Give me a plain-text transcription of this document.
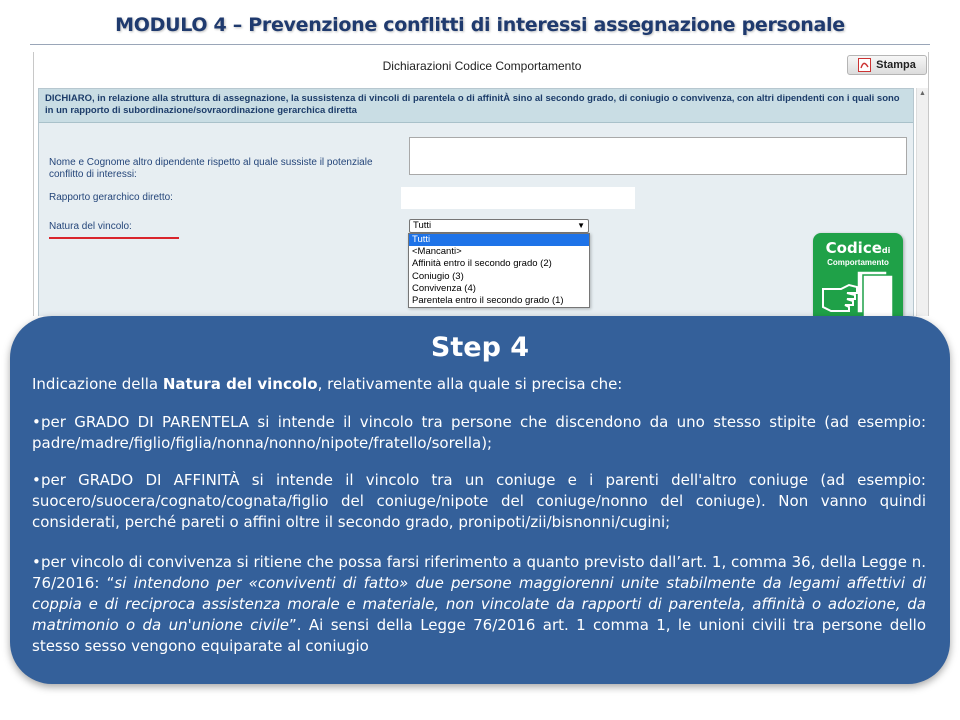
MODULO 4 – Prevenzione conflitti di interessi assegnazione personale
Dichiarazioni Codice Comportamento	Stampa
DICHIARO, in relazione alla struttura di assegnazione, la sussistenza di vincoli di parentela o di affinitÀ sino al secondo grado, di coniugio o convivenza, con altri dipendenti con i quali sono in un rapporto di subordinazione/sovraordinazione gerarchica diretta
Nome e Cognome altro dipendente rispetto al quale sussiste il potenziale conflitto di interessi:
Rapporto gerarchico diretto:
Natura del vincolo:	Tutti	▼
Tutti
<Mancanti>
Affinità entro il secondo grado (2)
Coniugio (3)
Convivenza (4)
Parentela entro il secondo grado (1)
Codicedi
Comportamento
▲
Step 4
Indicazione della Natura del vincolo, relativamente alla quale si precisa che:
•per GRADO DI PARENTELA si intende il vincolo tra persone che discendono da uno stesso stipite (ad esempio: padre/madre/figlio/figlia/nonna/nonno/nipote/fratello/sorella);
•per GRADO DI AFFINITÀ si intende il vincolo tra un coniuge e i parenti dell'altro coniuge (ad esempio: suocero/suocera/cognato/cognata/figlio del coniuge/nipote del coniuge/nonno del coniuge). Non vanno quindi considerati, perché pareti o affini oltre il secondo grado, pronipoti/zii/bisnonni/cugini;
•per vincolo di convivenza si ritiene che possa farsi riferimento a quanto previsto dall’art. 1, comma 36, della Legge n. 76/2016: “si intendono per «conviventi di fatto» due persone maggiorenni unite stabilmente da legami affettivi di coppia e di reciproca assistenza morale e materiale, non vincolate da rapporti di parentela, affinità o adozione, da matrimonio o da un'unione civile”. Ai sensi della Legge 76/2016 art. 1 comma 1, le unioni civili tra persone dello stesso sesso vengono equiparate al coniugio
